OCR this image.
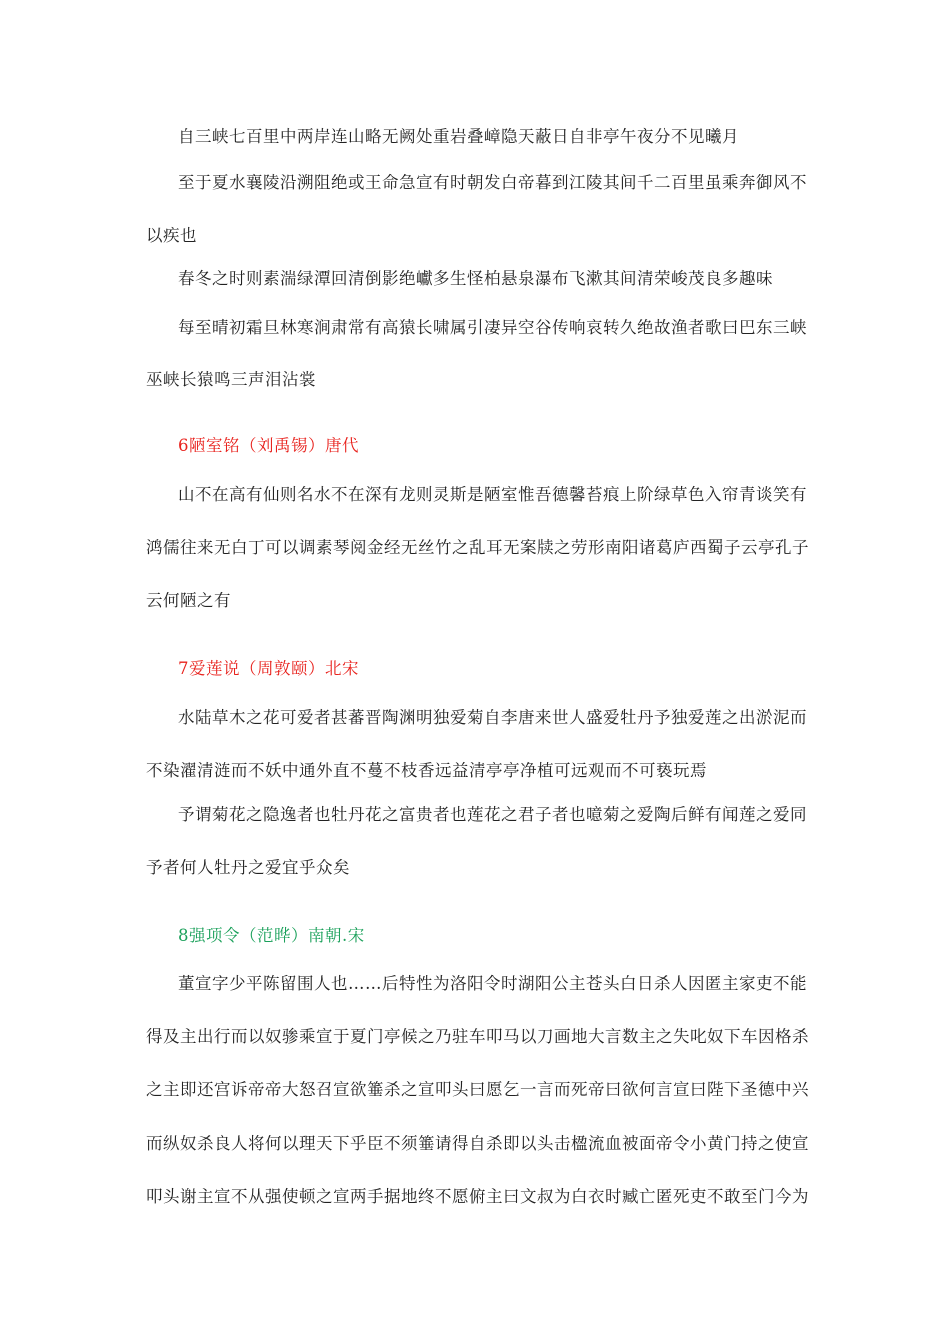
自三峡七百里中两岸连山略无阙处重岩叠嶂隐天蔽日自非亭午夜分不见曦月
至于夏水襄陵沿溯阻绝或王命急宣有时朝发白帝暮到江陵其间千二百里虽乘奔御风不
以疾也
春冬之时则素湍绿潭回清倒影绝巘多生怪柏悬泉瀑布飞漱其间清荣峻茂良多趣味
每至晴初霜旦林寒涧肃常有高猿长啸属引凄异空谷传响哀转久绝故渔者歌曰巴东三峡
巫峡长猿鸣三声泪沾裳
6陋室铭（刘禹锡）唐代
山不在高有仙则名水不在深有龙则灵斯是陋室惟吾德馨苔痕上阶绿草色入帘青谈笑有
鸿儒往来无白丁可以调素琴阅金经无丝竹之乱耳无案牍之劳形南阳诸葛庐西蜀子云亭孔子
云何陋之有
7爱莲说（周敦颐）北宋
水陆草木之花可爱者甚蕃晋陶渊明独爱菊自李唐来世人盛爱牡丹予独爱莲之出淤泥而
不染濯清涟而不妖中通外直不蔓不枝香远益清亭亭净植可远观而不可亵玩焉
予谓菊花之隐逸者也牡丹花之富贵者也莲花之君子者也噫菊之爱陶后鲜有闻莲之爱同
予者何人牡丹之爱宜乎众矣
8强项令（范晔）南朝.宋
董宣字少平陈留围人也……后特性为洛阳令时湖阳公主苍头白日杀人因匿主家吏不能
得及主出行而以奴骖乘宣于夏门亭候之乃驻车叩马以刀画地大言数主之失叱奴下车因格杀
之主即还宫诉帝帝大怒召宣欲箠杀之宣叩头曰愿乞一言而死帝曰欲何言宣曰陛下圣德中兴
而纵奴杀良人将何以理天下乎臣不须箠请得自杀即以头击楹流血被面帝令小黄门持之使宣
叩头谢主宣不从强使顿之宣两手据地终不愿俯主曰文叔为白衣时臧亡匿死吏不敢至门今为
